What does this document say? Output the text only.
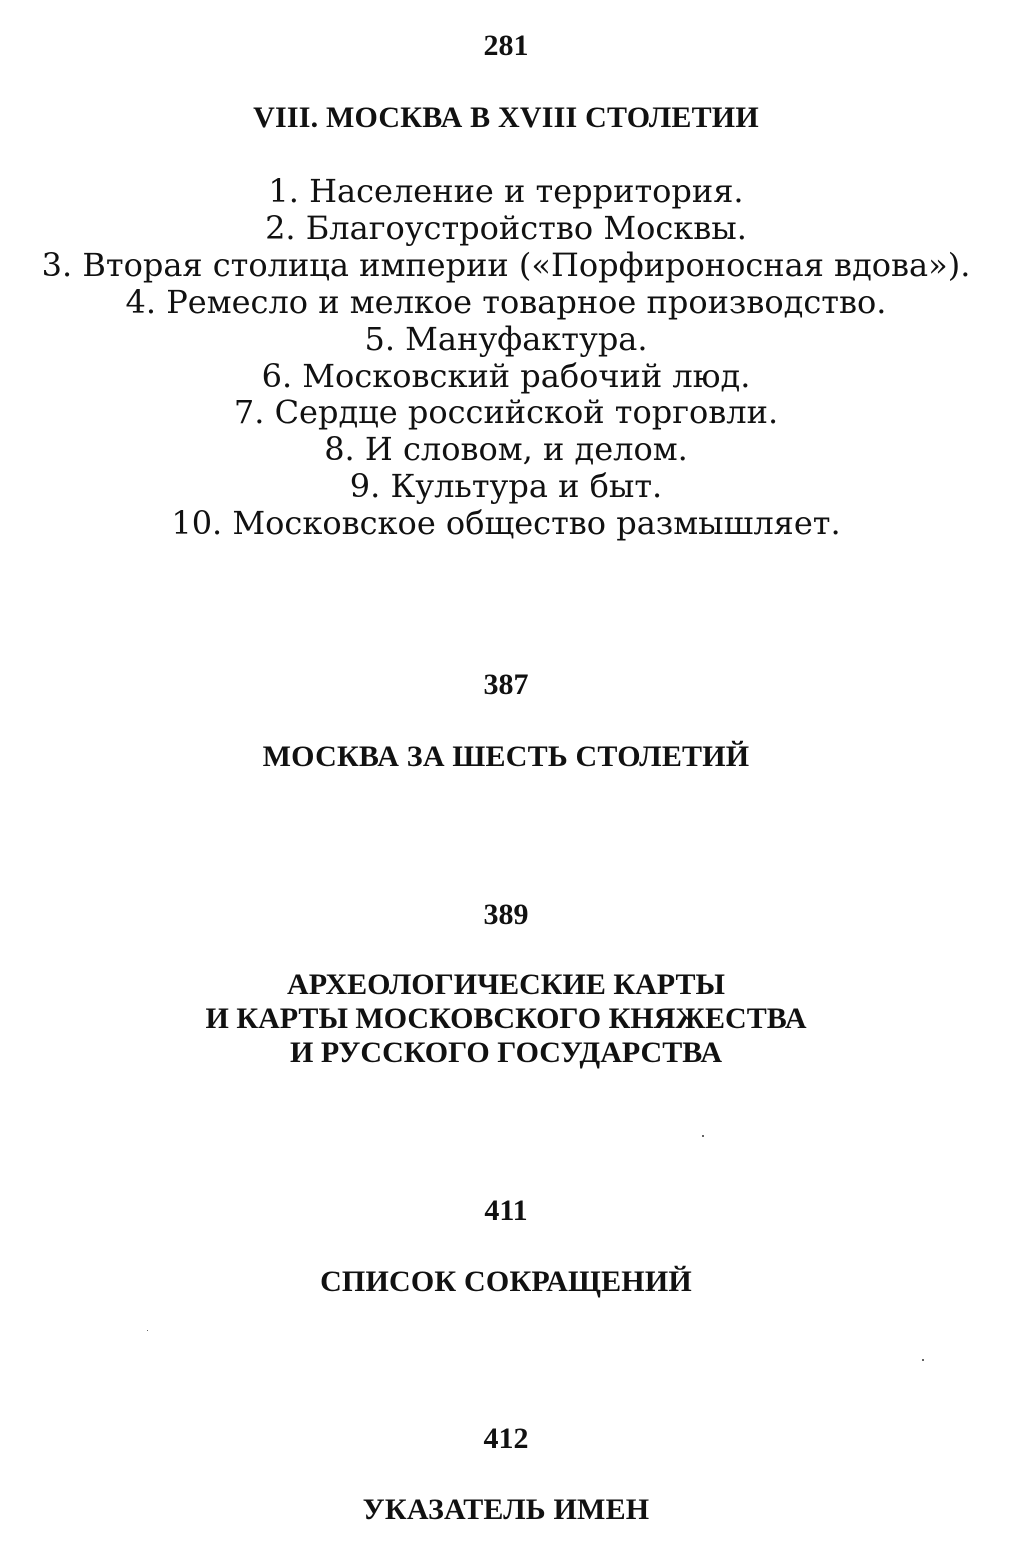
281
VIII. МОСКВА В XVIII СТОЛЕТИИ
1. Население и территория.
2. Благоустройство Москвы.
3. Вторая столица империи («Порфироносная вдова»).
4. Ремесло и мелкое товарное производство.
5. Мануфактура.
6. Московский рабочий люд.
7. Сердце российской торговли.
8. И словом, и делом.
9. Культура и быт.
10. Московское общество размышляет.
387
МОСКВА ЗА ШЕСТЬ СТОЛЕТИЙ
389
АРХЕОЛОГИЧЕСКИЕ КАРТЫ
И КАРТЫ МОСКОВСКОГО КНЯЖЕСТВА
И РУССКОГО ГОСУДАРСТВА
411
СПИСОК СОКРАЩЕНИЙ
412
УКАЗАТЕЛЬ ИМЕН
